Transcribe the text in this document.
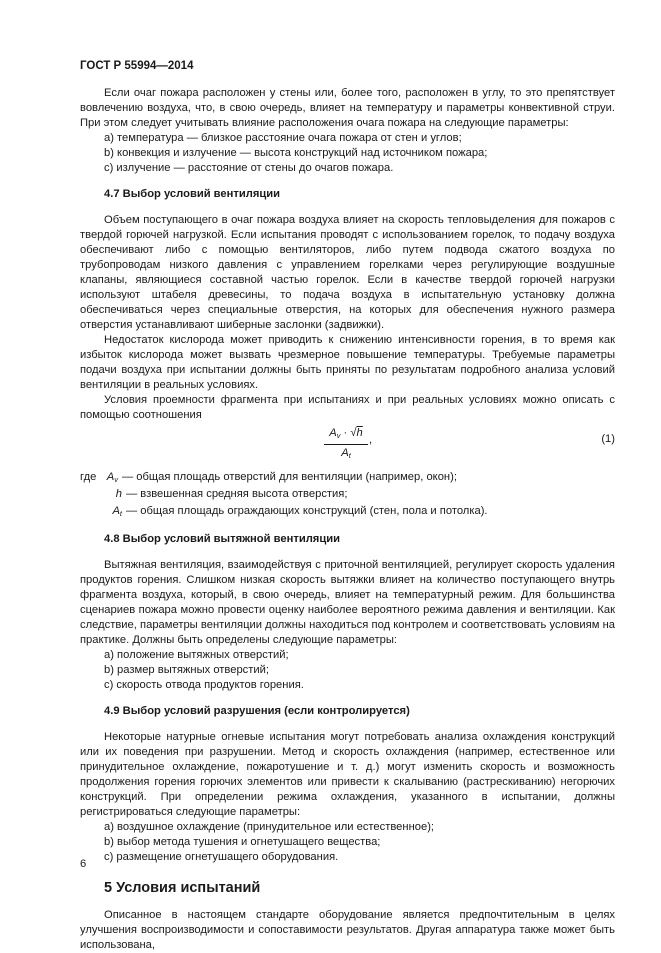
ГОСТ Р 55994—2014

Если очаг пожара расположен у стены или, более того, расположен в углу, то это препятствует вовлечению воздуха, что, в свою очередь, влияет на температуру и параметры конвективной струи. При этом следует учитывать влияние расположения очага пожара на следующие параметры:

a) температура — близкое расстояние очага пожара от стен и углов;

b) конвекция и излучение — высота конструкций над источником пожара;

c) излучение — расстояние от стены до очагов пожара.

4.7 Выбор условий вентиляции

Объем поступающего в очаг пожара воздуха влияет на скорость тепловыделения для пожаров с твердой горючей нагрузкой. Если испытания проводят с использованием горелок, то подачу воздуха обеспечивают либо с помощью вентиляторов, либо путем подвода сжатого воздуха по трубопроводам низкого давления с управлением горелками через регулирующие воздушные клапаны, являющиеся составной частью горелок. Если в качестве твердой горючей нагрузки используют штабеля древесины, то подача воздуха в испытательную установку должна обеспечиваться через специальные отверстия, на которых для обеспечения нужного размера отверстия устанавливают шиберные заслонки (задвижки).

Недостаток кислорода может приводить к снижению интенсивности горения, в то время как избыток кислорода может вызвать чрезмерное повышение температуры. Требуемые параметры подачи воздуха при испытании должны быть приняты по результатам подробного анализа условий вентиляции в реальных условиях.

Условия проемности фрагмента при испытаниях и при реальных условиях можно описать с помощью соотношения

$\frac{A_v \cdot √h}{A_t}$ ,	(1)
где $A_v$ — общая площадь отверстий для вентиляции (например, окон);
h — взвешенная средняя высота отверстия;
$A_t$ — общая площадь ограждающих конструкций (стен, пола и потолка).
4.8 Выбор условий вытяжной вентиляции

Вытяжная вентиляция, взаимодействуя с приточной вентиляцией, регулирует скорость удаления продуктов горения. Слишком низкая скорость вытяжки влияет на количество поступающего внутрь фрагмента воздуха, который, в свою очередь, влияет на температурный режим. Для большинства сценариев пожара можно провести оценку наиболее вероятного режима давления и вентиляции. Как следствие, параметры вентиляции должны находиться под контролем и соответствовать условиям на практике. Должны быть определены следующие параметры:

a) положение вытяжных отверстий;

b) размер вытяжных отверстий;

c) скорость отвода продуктов горения.

4.9 Выбор условий разрушения (если контролируется)

Некоторые натурные огневые испытания могут потребовать анализа охлаждения конструкций или их поведения при разрушении. Метод и скорость охлаждения (например, естественное или принудительное охлаждение, пожаротушение и т. д.) могут изменить скорость и возможность продолжения горения горючих элементов или привести к скалыванию (растрескиванию) негорючих конструкций. При определении режима охлаждения, указанного в испытании, должны регистрироваться следующие параметры:

a) воздушное охлаждение (принудительное или естественное);

b) выбор метода тушения и огнетушащего вещества;

c) размещение огнетушащего оборудования.

5 Условия испытаний

Описанное в настоящем стандарте оборудование является предпочтительным в целях улучшения воспроизводимости и сопоставимости результатов. Другая аппаратура также может быть использована,

6
